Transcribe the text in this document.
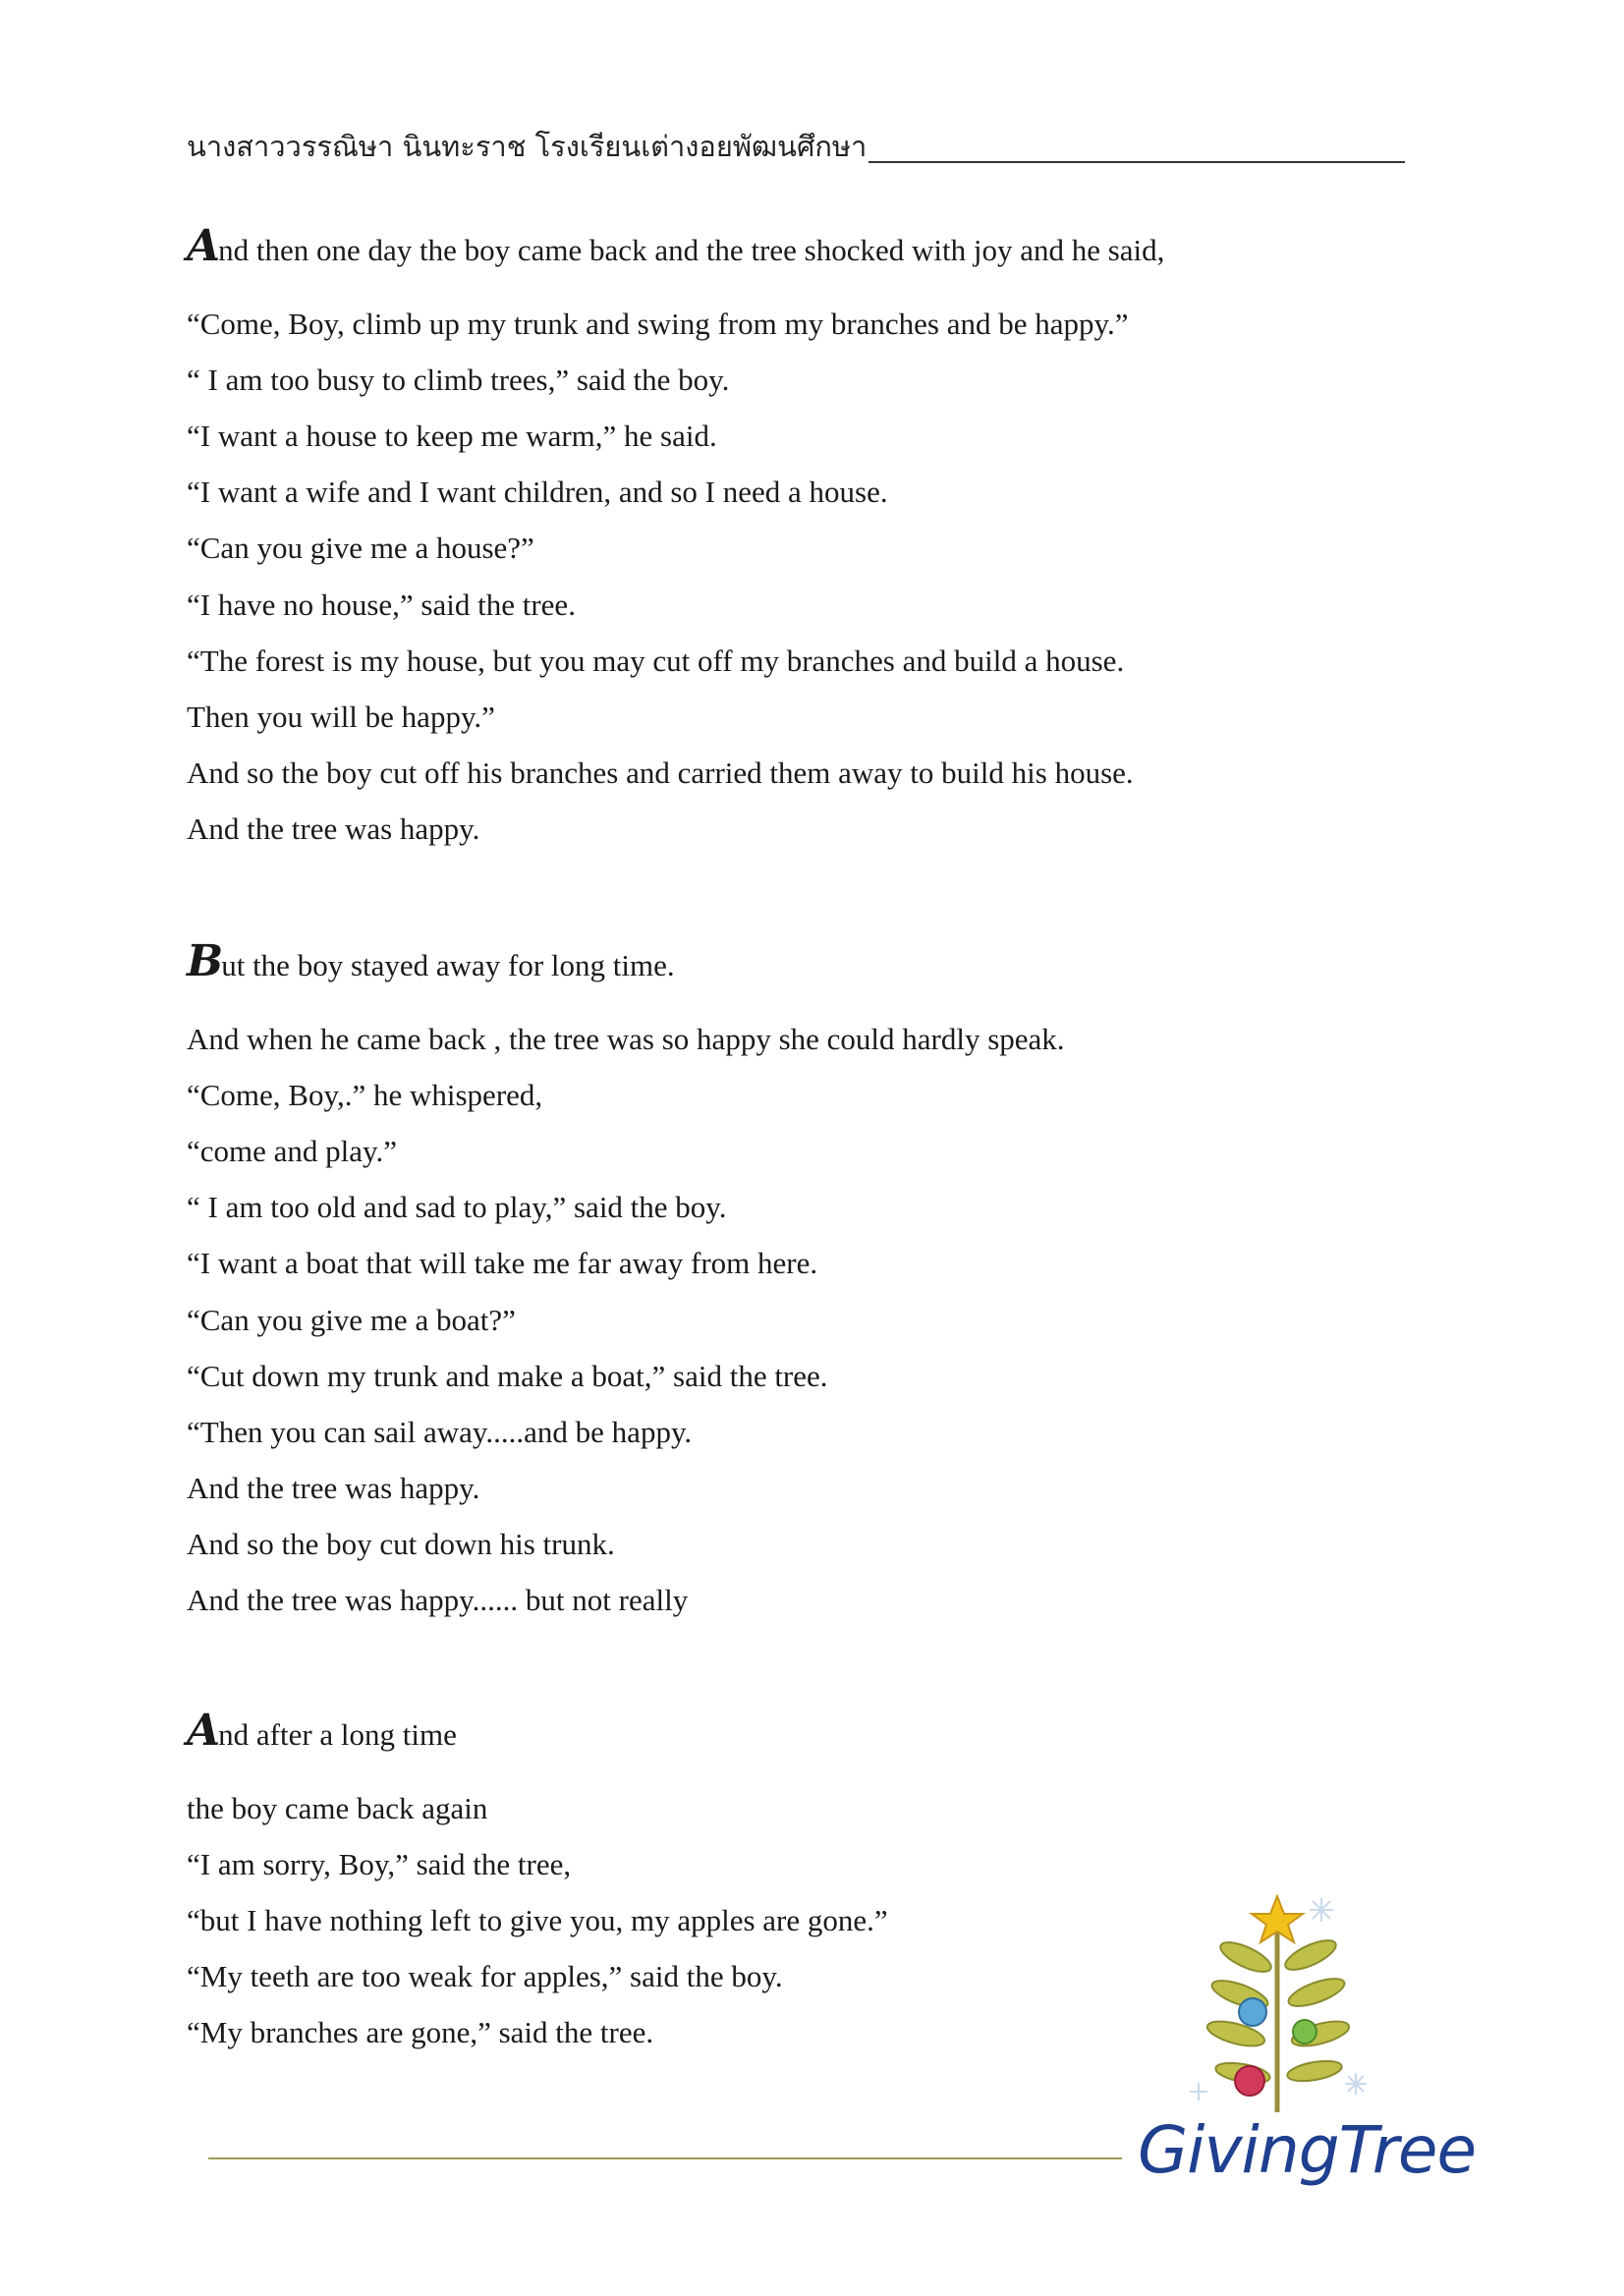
นางสาววรรณิษา นินทะราช โรงเรียนเต่างอยพัฒนศึกษา
And then one day the boy came back and the tree shocked with joy and he said,
“Come, Boy, climb up my trunk and swing from my branches and be happy.”
“ I am too busy to climb trees,” said the boy.
“I want a house to keep me warm,” he said.
“I want a wife and I want children, and so I need a house.
“Can you give me a house?”
“I have no house,” said the tree.
“The forest is my house, but you may cut off my branches and build a house.
Then you will be happy.”
And so the boy cut off his branches and carried them away to build his house.
And the tree was happy.
But the boy stayed away for long time.
And when he came back , the tree was so happy she could hardly speak.
“Come, Boy,.” he whispered,
“come and play.”
“ I am too old and sad to play,” said the boy.
“I want a boat that will take me far away from here.
“Can you give me a boat?”
“Cut down my trunk and make a boat,” said the tree.
“Then you can sail away.....and be happy.
And the tree was happy.
And so the boy cut down his trunk.
And the tree was happy...... but not really
And after a long time
the boy came back again
“I am sorry, Boy,” said the tree,
“but I have nothing left to give you, my apples are gone.”
“My teeth are too weak for apples,” said the boy.
“My branches are gone,” said the tree.
GivingTree
